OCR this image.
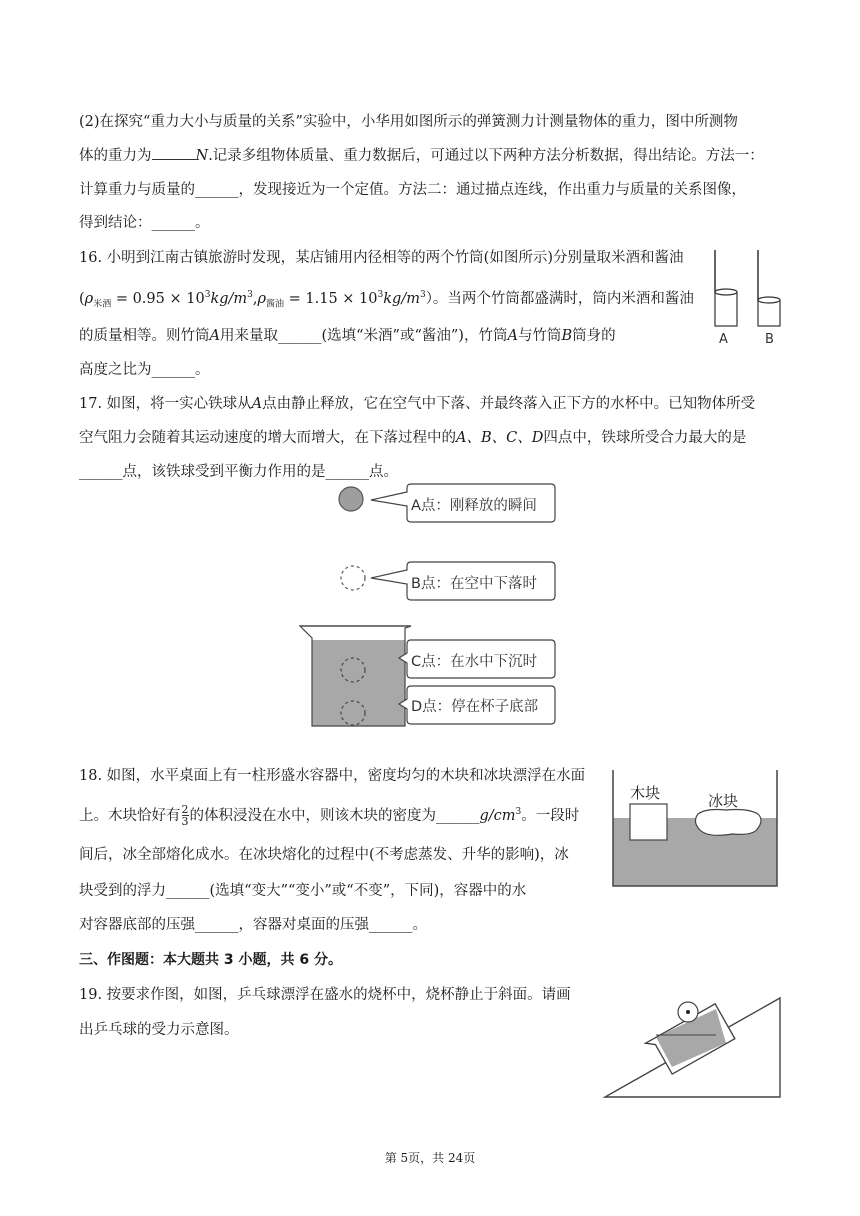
(2)在探究“重力大小与质量的关系”实验中，小华用如图所示的弹簧测力计测量物体的重力，图中所测物
体的重力为	N.记录多组物体质量、重力数据后，可通过以下两种方法分析数据，得出结论。方法一：
计算重力与质量的______，发现接近为一个定值。方法二：通过描点连线，作出重力与质量的关系图像，
得到结论：______。
16. 小明到江南古镇旅游时发现，某店铺用内径相等的两个竹筒(如图所示)分别量取米酒和酱油
$(\rho_{米酒} = 0.95 \times 10^3kg/m^3,\rho_{酱油} = 1.15 \times 10^3kg/m^3)$。当两个竹筒都盛满时，筒内米酒和酱油
的质量相等。则竹筒A用来量取______(选填“米酒”或“酱油”)，竹筒A与竹筒B筒身的
高度之比为______。
A	B
17. 如图，将一实心铁球从A点由静止释放，它在空气中下落、并最终落入正下方的水杯中。已知物体所受
空气阻力会随着其运动速度的增大而增大，在下落过程中的A、B、C、D四点中，铁球所受合力最大的是
______点，该铁球受到平衡力作用的是______点。
A点：刚释放的瞬间
B点：在空中下落时
C点：在水中下沉时
D点：停在杯子底部
18. 如图，水平桌面上有一柱形盛水容器中，密度均匀的木块和冰块漂浮在水面
上。木块恰好有 $\frac{2}{3}$ 的体积浸没在水中，则该木块的密度为$\_\_\_\_\_\_g/cm^3$。一段时
间后，冰全部熔化成水。在冰块熔化的过程中(不考虑蒸发、升华的影响)，冰
块受到的浮力______(选填“变大”“变小”或“不变”，下同)，容器中的水
对容器底部的压强______，容器对桌面的压强______。
木块	冰块
三、作图题：本大题共 3 小题，共 6 分。
19. 按要求作图，如图，乒乓球漂浮在盛水的烧杯中，烧杯静止于斜面。请画
出乒乓球的受力示意图。
第 5页，共 24页
